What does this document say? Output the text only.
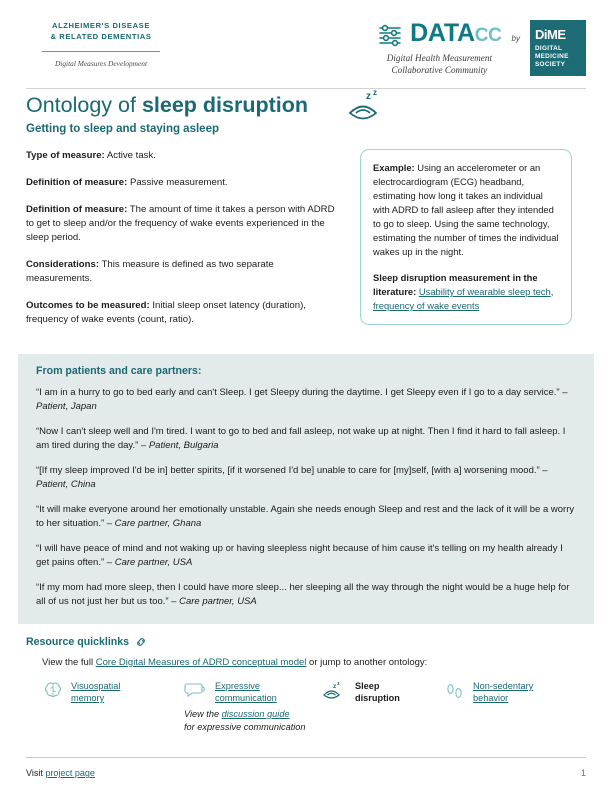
ALZHEIMER'S DISEASE
& RELATED DEMENTIAS
Digital Measures Development
DATACC
Digital Health Measurement
Collaborative Community
by DiME
DIGITAL
MEDICINE
SOCIETY
Ontology of sleep disruption
Getting to sleep and staying asleep
z z

Type of measure: Active task.

Definition of measure: Passive measurement.

Definition of measure: The amount of time it takes a person with ADRD to get to sleep and/or the frequency of wake events experienced in the sleep period.

Considerations: This measure is defined as two separate measurements.

Outcomes to be measured: Initial sleep onset latency (duration), frequency of wake events (count, ratio).

Example: Using an accelerometer or an electrocardiogram (ECG) headband, estimating how long it takes an individual with ADRD to fall asleep after they intended to go to sleep. Using the same technology, estimating the number of times the individual wakes up in the night.

Sleep disruption measurement in the literature: Usability of wearable sleep tech, frequency of wake events

From patients and care partners:

“I am in a hurry to go to bed early and can't Sleep. I get Sleepy during the daytime. I get Sleepy even if I go to a day service.” – Patient, Japan

“Now I can't sleep well and I'm tired. I want to go to bed and fall asleep, not wake up at night. Then I find it hard to fall asleep. I am tired during the day.” – Patient, Bulgaria

“[If my sleep improved I'd be in] better spirits, [if it worsened I'd be] unable to care for [my]self, [with a] worsening mood.” – Patient, China

“It will make everyone around her emotionally unstable. Again she needs enough Sleep and rest and the lack of it will be a worry to her situation.” – Care partner, Ghana

“I will have peace of mind and not waking up or having sleepless night because of him cause it's telling on my health already I get pains often.” – Care partner, USA

“If my mom had more sleep, then I could have more sleep... her sleeping all the way through the night would be a huge help for all of us not just her but us too.” – Care partner, USA

Resource quicklinks

View the full Core Digital Measures of ADRD conceptual model or jump to another ontology:

Visuospatial
memory
Expressive
communication
z z Sleep
disruption
Non-sedentary
behavior
View the discussion guide
for expressive communication
Visit project page	1
